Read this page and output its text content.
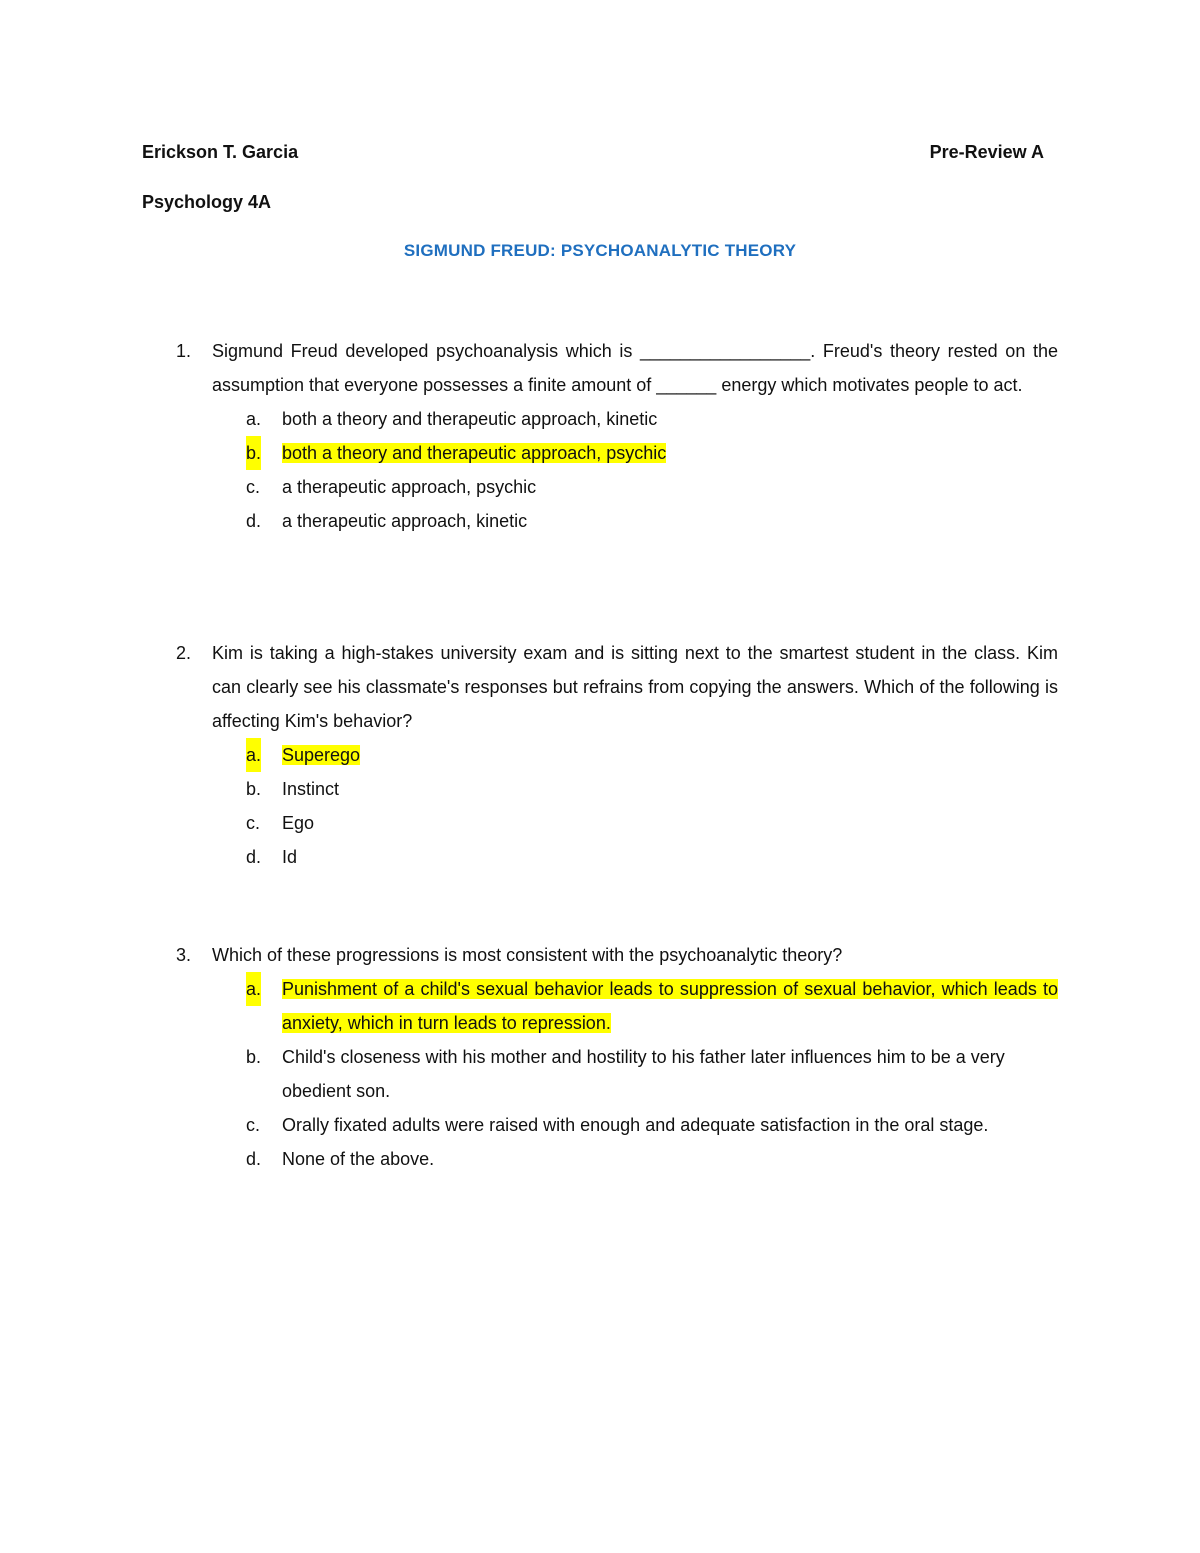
Erickson T. Garcia	Pre-Review A
Psychology 4A
SIGMUND FREUD: PSYCHOANALYTIC THEORY
1. Sigmund Freud developed psychoanalysis which is _________________. Freud's theory rested on the assumption that everyone possesses a finite amount of ______ energy which motivates people to act.
a. both a theory and therapeutic approach, kinetic
b. both a theory and therapeutic approach, psychic
c. a therapeutic approach, psychic
d. a therapeutic approach, kinetic
2. Kim is taking a high-stakes university exam and is sitting next to the smartest student in the class. Kim can clearly see his classmate's responses but refrains from copying the answers. Which of the following is affecting Kim's behavior?
a. Superego
b. Instinct
c. Ego
d. Id
3. Which of these progressions is most consistent with the psychoanalytic theory?
a. Punishment of a child's sexual behavior leads to suppression of sexual behavior, which leads to anxiety, which in turn leads to repression.
b. Child's closeness with his mother and hostility to his father later influences him to be a very obedient son.
c. Orally fixated adults were raised with enough and adequate satisfaction in the oral stage.
d. None of the above.
